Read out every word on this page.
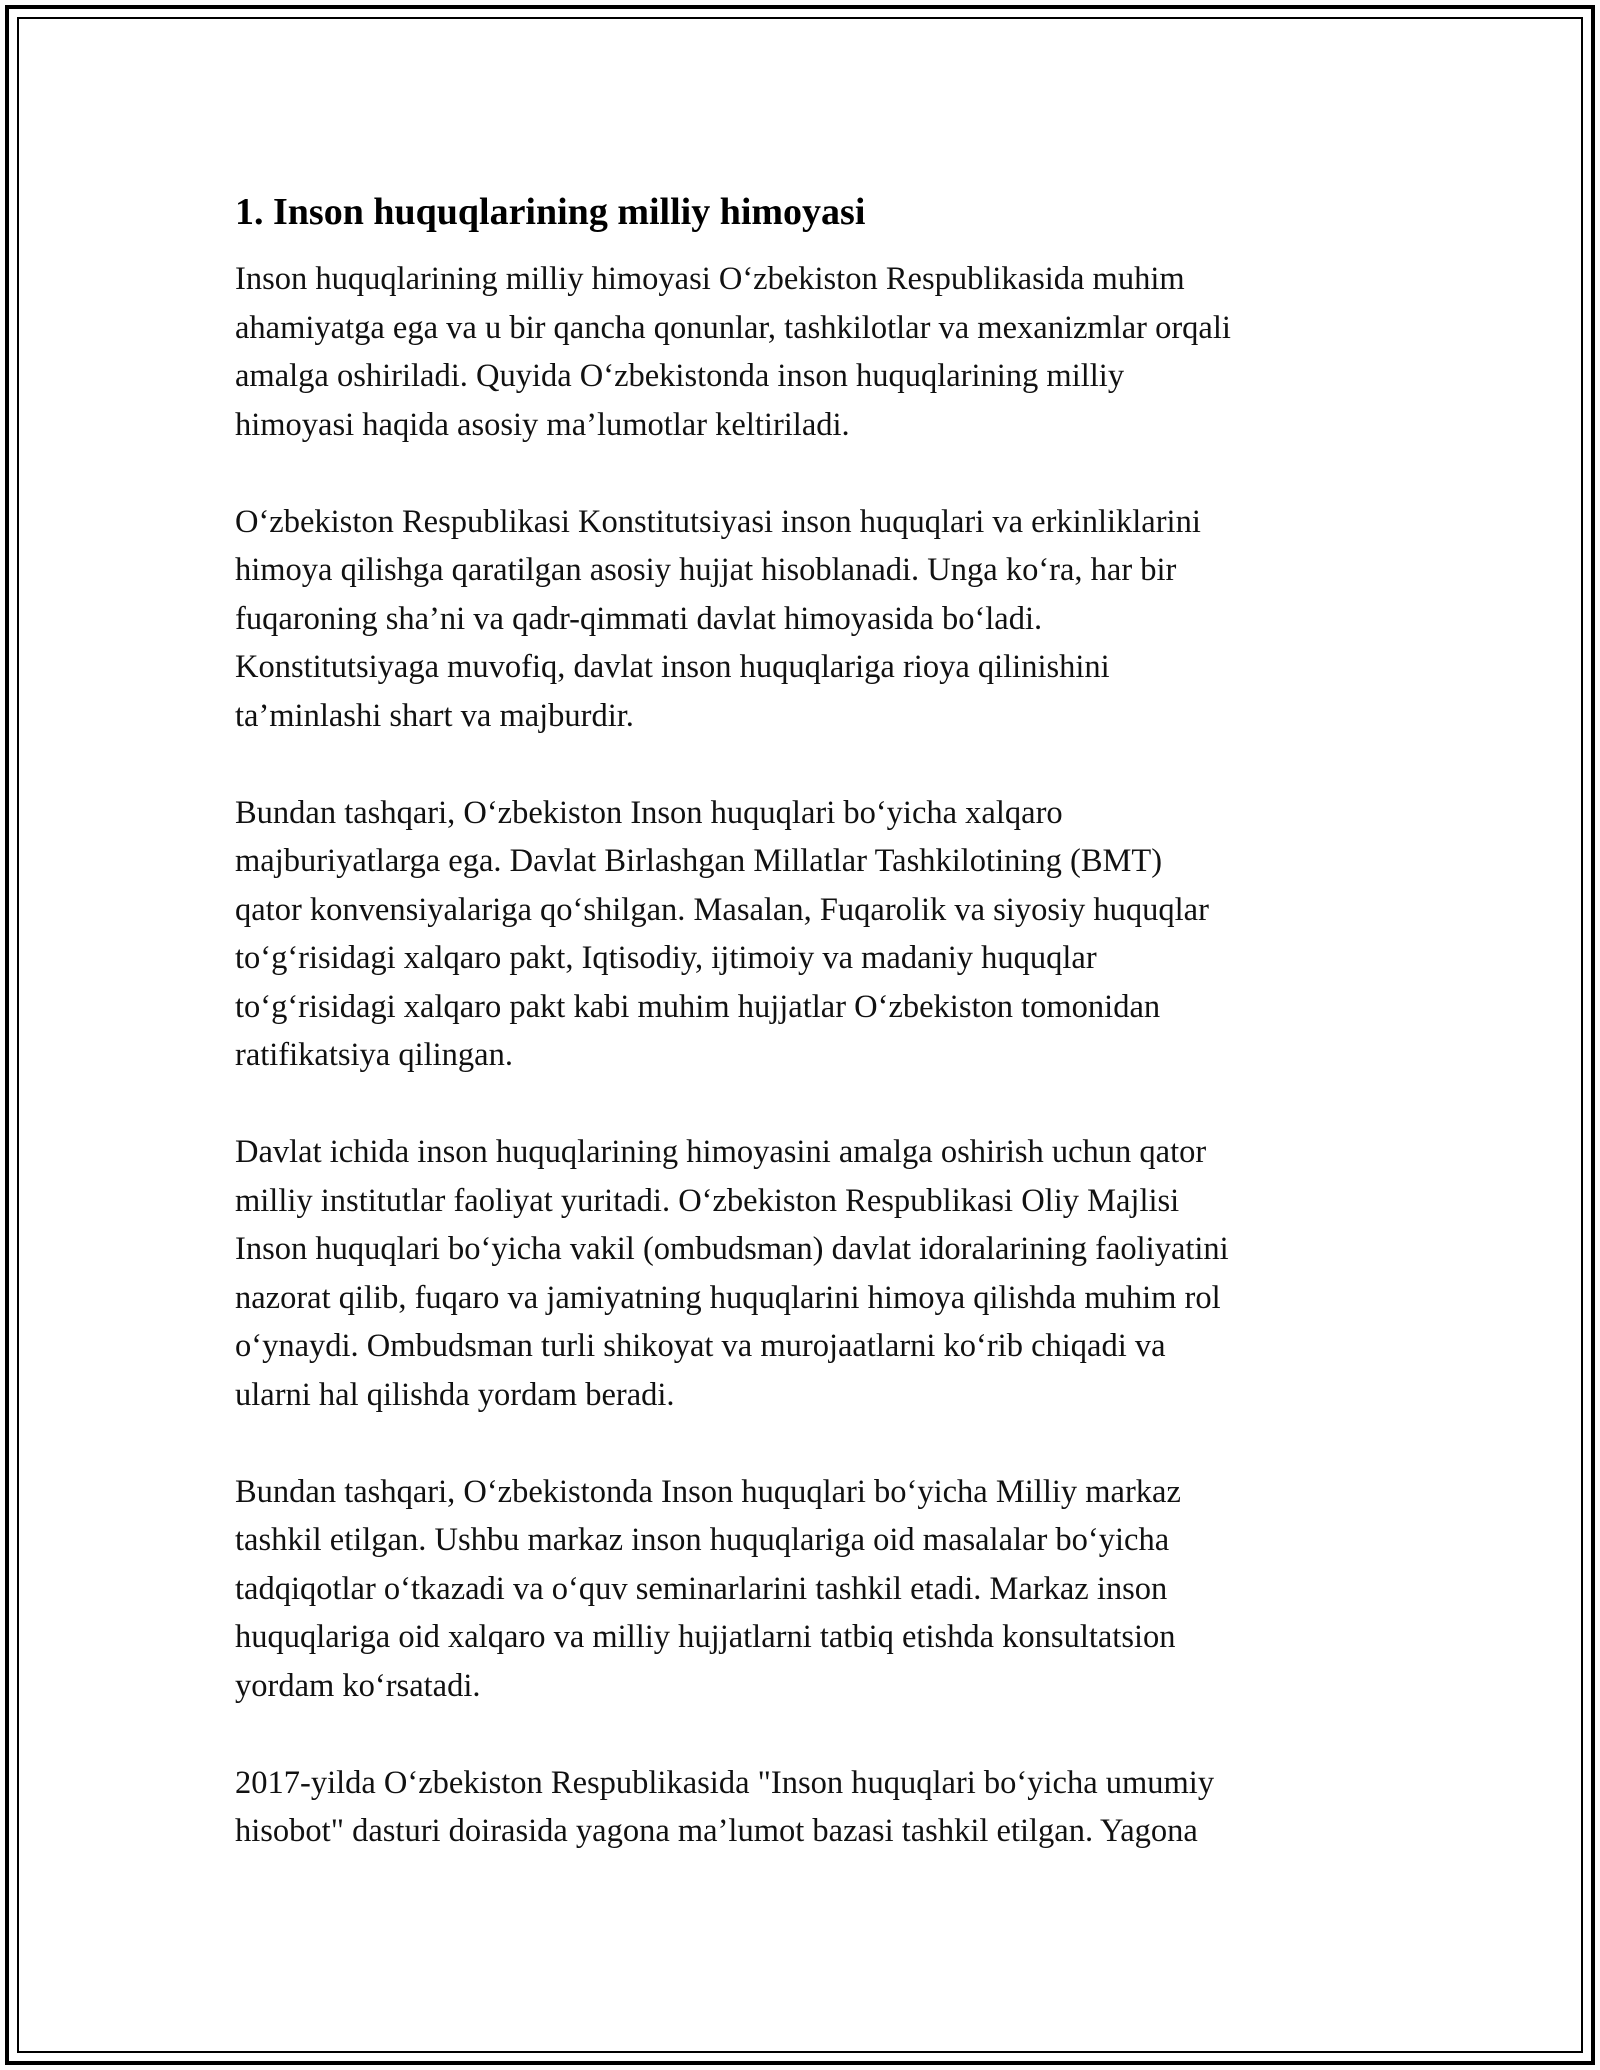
1. Inson huquqlarining milliy himoyasi

Inson huquqlarining milliy himoyasi O‘zbekiston Respublikasida muhim
ahamiyatga ega va u bir qancha qonunlar, tashkilotlar va mexanizmlar orqali
amalga oshiriladi. Quyida O‘zbekistonda inson huquqlarining milliy
himoyasi haqida asosiy ma’lumotlar keltiriladi.

O‘zbekiston Respublikasi Konstitutsiyasi inson huquqlari va erkinliklarini
himoya qilishga qaratilgan asosiy hujjat hisoblanadi. Unga ko‘ra, har bir
fuqaroning sha’ni va qadr-qimmati davlat himoyasida bo‘ladi.
Konstitutsiyaga muvofiq, davlat inson huquqlariga rioya qilinishini
ta’minlashi shart va majburdir.

Bundan tashqari, O‘zbekiston Inson huquqlari bo‘yicha xalqaro
majburiyatlarga ega. Davlat Birlashgan Millatlar Tashkilotining (BMT)
qator konvensiyalariga qo‘shilgan. Masalan, Fuqarolik va siyosiy huquqlar
to‘g‘risidagi xalqaro pakt, Iqtisodiy, ijtimoiy va madaniy huquqlar
to‘g‘risidagi xalqaro pakt kabi muhim hujjatlar O‘zbekiston tomonidan
ratifikatsiya qilingan.

Davlat ichida inson huquqlarining himoyasini amalga oshirish uchun qator
milliy institutlar faoliyat yuritadi. O‘zbekiston Respublikasi Oliy Majlisi
Inson huquqlari bo‘yicha vakil (ombudsman) davlat idoralarining faoliyatini
nazorat qilib, fuqaro va jamiyatning huquqlarini himoya qilishda muhim rol
o‘ynaydi. Ombudsman turli shikoyat va murojaatlarni ko‘rib chiqadi va
ularni hal qilishda yordam beradi.

Bundan tashqari, O‘zbekistonda Inson huquqlari bo‘yicha Milliy markaz
tashkil etilgan. Ushbu markaz inson huquqlariga oid masalalar bo‘yicha
tadqiqotlar o‘tkazadi va o‘quv seminarlarini tashkil etadi. Markaz inson
huquqlariga oid xalqaro va milliy hujjatlarni tatbiq etishda konsultatsion
yordam ko‘rsatadi.

2017-yilda O‘zbekiston Respublikasida "Inson huquqlari bo‘yicha umumiy
hisobot" dasturi doirasida yagona ma’lumot bazasi tashkil etilgan. Yagona
